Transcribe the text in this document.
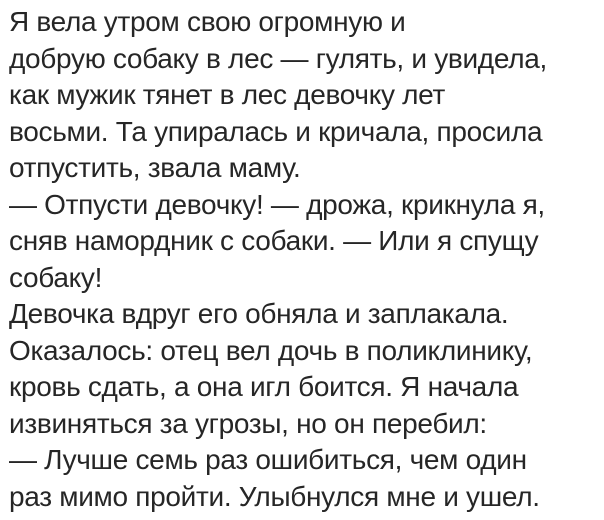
Я вела утром свою огромную и
добрую собаку в лес — гулять, и увидела,
как мужик тянет в лес девочку лет
восьми. Та упиралась и кричала, просила
отпустить, звала маму.
— Отпусти девочку! — дрожа, крикнула я,
сняв намордник с собаки. — Или я спущу
собаку!
Девочка вдруг его обняла и заплакала.
Оказалось: отец вел дочь в поликлинику,
кровь сдать, а она игл боится. Я начала
извиняться за угрозы, но он перебил:
— Лучше семь раз ошибиться, чем один
раз мимо пройти. Улыбнулся мне и ушел.
